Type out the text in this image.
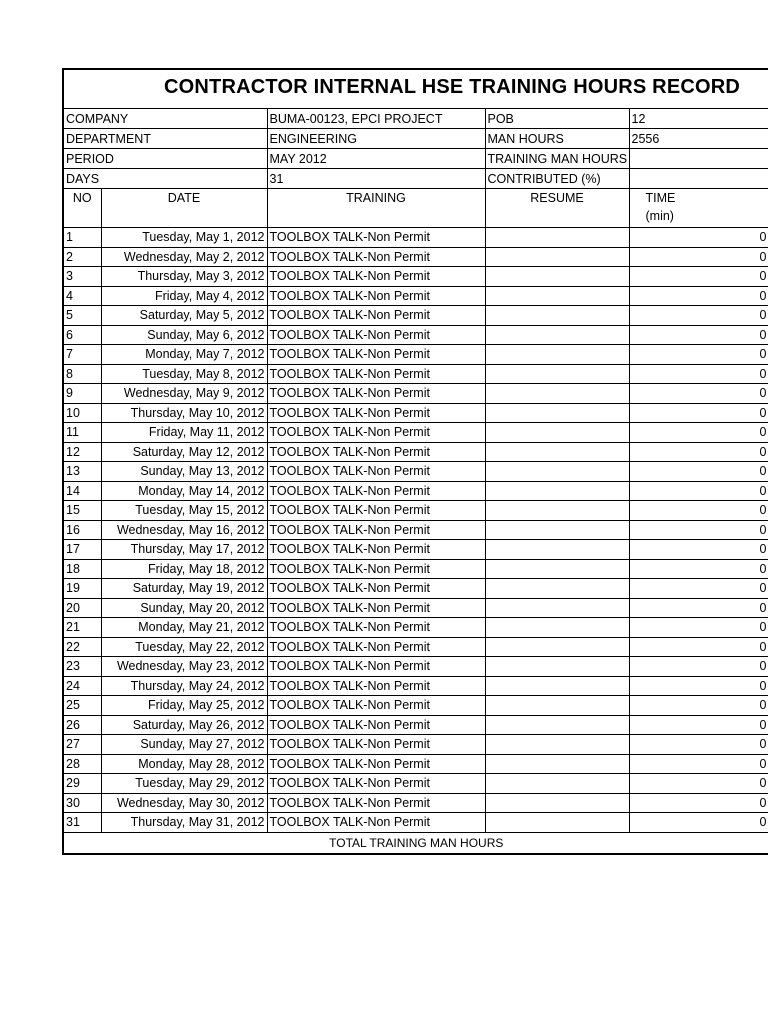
CONTRACTOR INTERNAL HSE TRAINING HOURS RECORD
COMPANY		BUMA-00123, EPCI PROJECT	POB	12
DEPARTMENT		ENGINEERING	MAN HOURS	2556
PERIOD		MAY 2012	TRAINING MAN HOURS	
DAYS		31	CONTRIBUTED (%)	
NO	DATE	TRAINING	RESUME	TIME
(min)

1	Tuesday, May 1, 2012	TOOLBOX TALK-Non Permit		0
2	Wednesday, May 2, 2012	TOOLBOX TALK-Non Permit		0
3	Thursday, May 3, 2012	TOOLBOX TALK-Non Permit		0
4	Friday, May 4, 2012	TOOLBOX TALK-Non Permit		0
5	Saturday, May 5, 2012	TOOLBOX TALK-Non Permit		0
6	Sunday, May 6, 2012	TOOLBOX TALK-Non Permit		0
7	Monday, May 7, 2012	TOOLBOX TALK-Non Permit		0
8	Tuesday, May 8, 2012	TOOLBOX TALK-Non Permit		0
9	Wednesday, May 9, 2012	TOOLBOX TALK-Non Permit		0
10	Thursday, May 10, 2012	TOOLBOX TALK-Non Permit		0
11	Friday, May 11, 2012	TOOLBOX TALK-Non Permit		0
12	Saturday, May 12, 2012	TOOLBOX TALK-Non Permit		0
13	Sunday, May 13, 2012	TOOLBOX TALK-Non Permit		0
14	Monday, May 14, 2012	TOOLBOX TALK-Non Permit		0
15	Tuesday, May 15, 2012	TOOLBOX TALK-Non Permit		0
16	Wednesday, May 16, 2012	TOOLBOX TALK-Non Permit		0
17	Thursday, May 17, 2012	TOOLBOX TALK-Non Permit		0
18	Friday, May 18, 2012	TOOLBOX TALK-Non Permit		0
19	Saturday, May 19, 2012	TOOLBOX TALK-Non Permit		0
20	Sunday, May 20, 2012	TOOLBOX TALK-Non Permit		0
21	Monday, May 21, 2012	TOOLBOX TALK-Non Permit		0
22	Tuesday, May 22, 2012	TOOLBOX TALK-Non Permit		0
23	Wednesday, May 23, 2012	TOOLBOX TALK-Non Permit		0
24	Thursday, May 24, 2012	TOOLBOX TALK-Non Permit		0
25	Friday, May 25, 2012	TOOLBOX TALK-Non Permit		0
26	Saturday, May 26, 2012	TOOLBOX TALK-Non Permit		0
27	Sunday, May 27, 2012	TOOLBOX TALK-Non Permit		0
28	Monday, May 28, 2012	TOOLBOX TALK-Non Permit		0
29	Tuesday, May 29, 2012	TOOLBOX TALK-Non Permit		0
30	Wednesday, May 30, 2012	TOOLBOX TALK-Non Permit		0
31	Thursday, May 31, 2012	TOOLBOX TALK-Non Permit		0
TOTAL TRAINING MAN HOURS				
